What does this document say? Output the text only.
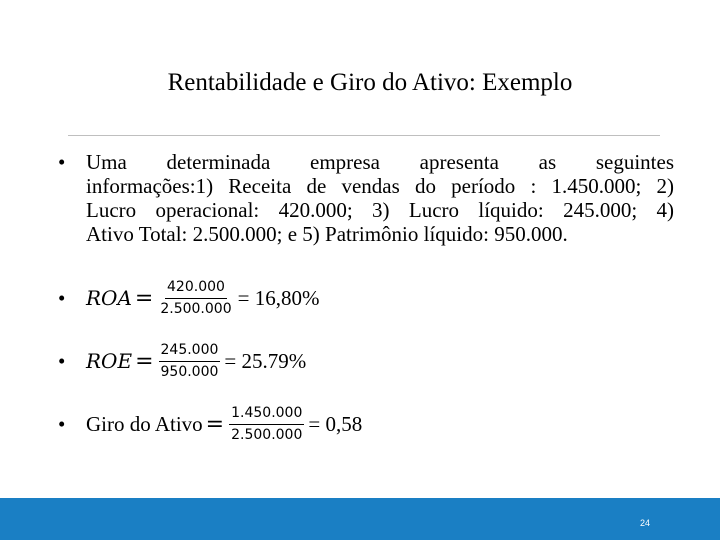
Rentabilidade e Giro do Ativo: Exemplo
• Uma determinada empresa apresenta as seguintes
informações:1) Receita de vendas do período : 1.450.000; 2)
Lucro operacional: 420.000; 3) Lucro líquido: 245.000; 4)
Ativo Total: 2.500.000; e 5) Patrimônio líquido: 950.000.
• ROA = $\frac{420.000}{2.500.000} = 16,80\%$
• ROE = $\frac{245.000}{950.000} = 25.79\%$
• Giro do Ativo = $\frac{1.450.000}{2.500.000} = 0,58$
24
